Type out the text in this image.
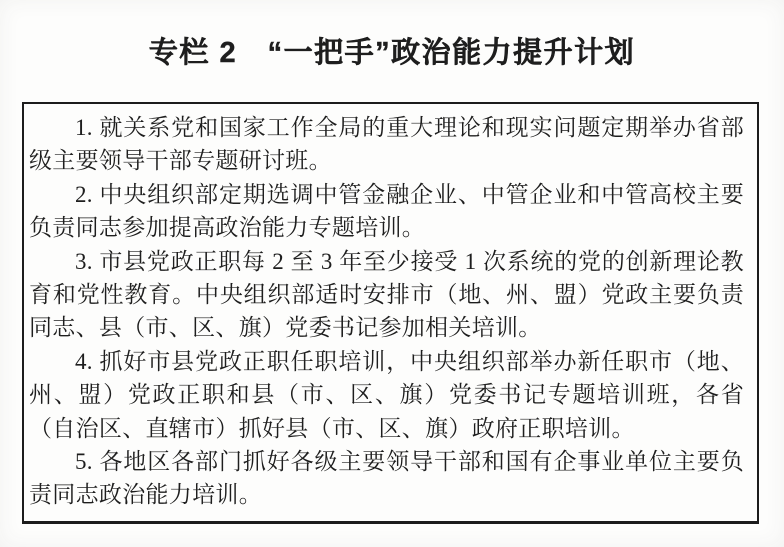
专栏 2　“一把手”政治能力提升计划

1. 就关系党和国家工作全局的重大理论和现实问题定期举办省部级主要领导干部专题研讨班。

2. 中央组织部定期选调中管金融企业、中管企业和中管高校主要负责同志参加提高政治能力专题培训。

3. 市县党政正职每 2 至 3 年至少接受 1 次系统的党的创新理论教育和党性教育。中央组织部适时安排市（地、州、盟）党政主要负责同志、县（市、区、旗）党委书记参加相关培训。

4. 抓好市县党政正职任职培训，中央组织部举办新任职市（地、州、盟）党政正职和县（市、区、旗）党委书记专题培训班，各省（自治区、直辖市）抓好县（市、区、旗）政府正职培训。

5. 各地区各部门抓好各级主要领导干部和国有企事业单位主要负责同志政治能力培训。
